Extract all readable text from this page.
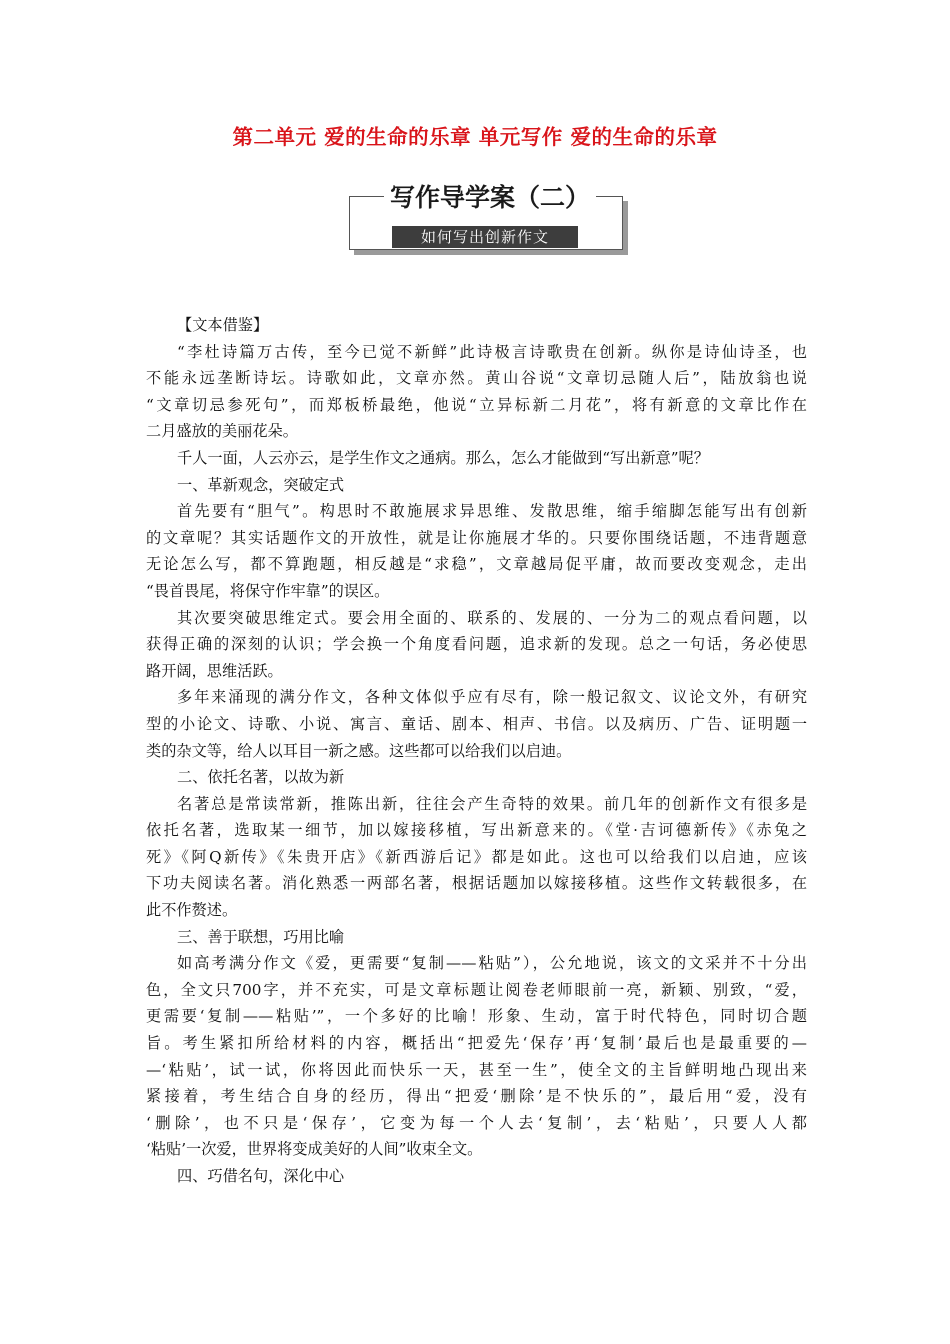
第二单元 爱的生命的乐章 单元写作 爱的生命的乐章
写作导学案（二）
如何写出创新作文
【文本借鉴】
“李杜诗篇万古传，至今已觉不新鲜”此诗极言诗歌贵在创新。纵你是诗仙诗圣，也
不能永远垄断诗坛。诗歌如此，文章亦然。黄山谷说“文章切忌随人后”，陆放翁也说
“文章切忌参死句”，而郑板桥最绝，他说“立异标新二月花”，将有新意的文章比作在
二月盛放的美丽花朵。
千人一面，人云亦云，是学生作文之通病。那么，怎么才能做到“写出新意”呢？
一、革新观念，突破定式
首先要有“胆气”。构思时不敢施展求异思维、发散思维，缩手缩脚怎能写出有创新
的文章呢？其实话题作文的开放性，就是让你施展才华的。只要你围绕话题，不违背题意
无论怎么写，都不算跑题，相反越是“求稳”，文章越局促平庸，故而要改变观念，走出
“畏首畏尾，将保守作牢靠”的误区。
其次要突破思维定式。要会用全面的、联系的、发展的、一分为二的观点看问题，以
获得正确的深刻的认识；学会换一个角度看问题，追求新的发现。总之一句话，务必使思
路开阔，思维活跃。
多年来涌现的满分作文，各种文体似乎应有尽有，除一般记叙文、议论文外，有研究
型的小论文、诗歌、小说、寓言、童话、剧本、相声、书信。以及病历、广告、证明题一
类的杂文等，给人以耳目一新之感。这些都可以给我们以启迪。
二、依托名著，以故为新
名著总是常读常新，推陈出新，往往会产生奇特的效果。前几年的创新作文有很多是
依托名著，选取某一细节，加以嫁接移植，写出新意来的。《堂·吉诃德新传》《赤兔之
死》《阿Q新传》《朱贵开店》《新西游后记》都是如此。这也可以给我们以启迪，应该
下功夫阅读名著。消化熟悉一两部名著，根据话题加以嫁接移植。这些作文转载很多，在
此不作赘述。
三、善于联想，巧用比喻
如高考满分作文《爱，更需要“复制——粘贴”），公允地说，该文的文采并不十分出
色，全文只700字，并不充实，可是文章标题让阅卷老师眼前一亮，新颖、别致，“爱，
更需要‘复制——粘贴’”，一个多好的比喻！形象、生动，富于时代特色，同时切合题
旨。考生紧扣所给材料的内容，概括出“把爱先‘保存’再‘复制’最后也是最重要的—
—‘粘贴’，试一试，你将因此而快乐一天，甚至一生”，使全文的主旨鲜明地凸现出来
紧接着，考生结合自身的经历，得出“把爱‘删除’是不快乐的”，最后用“爱，没有
‘删除’，也不只是‘保存’，它变为每一个人去‘复制’，去‘粘贴’，只要人人都
‘粘贴’一次爱，世界将变成美好的人间”收束全文。
四、巧借名句，深化中心
